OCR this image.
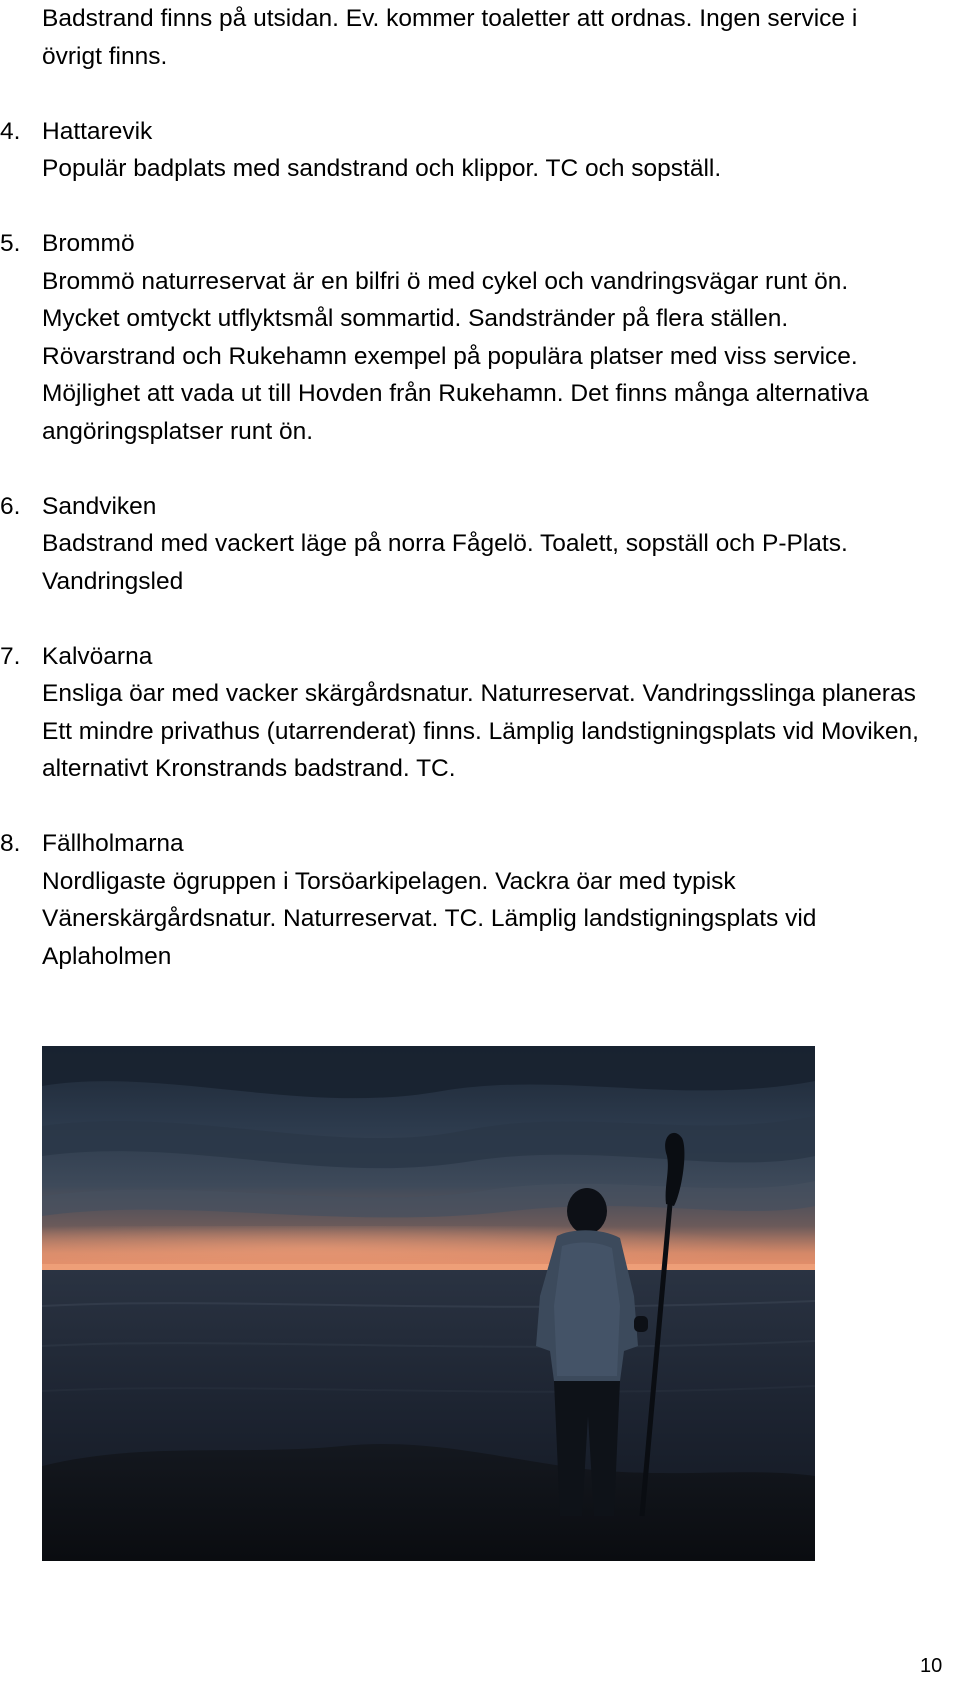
Badstrand finns på utsidan. Ev. kommer toaletter att ordnas. Ingen service i övrigt finns.

4. Hattarevik
Populär badplats med sandstrand och klippor. TC och sopställ.
5. Brommö
Brommö naturreservat är en bilfri ö med cykel och vandringsvägar runt ön. Mycket omtyckt utflyktsmål sommartid. Sandstränder på flera ställen. Rövarstrand och Rukehamn exempel på populära platser med viss service. Möjlighet att vada ut till Hovden från Rukehamn. Det finns många alternativa angöringsplatser runt ön.
6. Sandviken
Badstrand med vackert läge på norra Fågelö. Toalett, sopställ och P-Plats. Vandringsled
7. Kalvöarna
Ensliga öar med vacker skärgårdsnatur. Naturreservat. Vandringsslinga planeras Ett mindre privathus (utarrenderat) finns. Lämplig landstigningsplats vid Moviken, alternativt Kronstrands badstrand. TC.
8. Fällholmarna
Nordligaste ögruppen i Torsöarkipelagen. Vackra öar med typisk Vänerskärgårdsnatur. Naturreservat. TC. Lämplig landstigningsplats vid Aplaholmen
10
